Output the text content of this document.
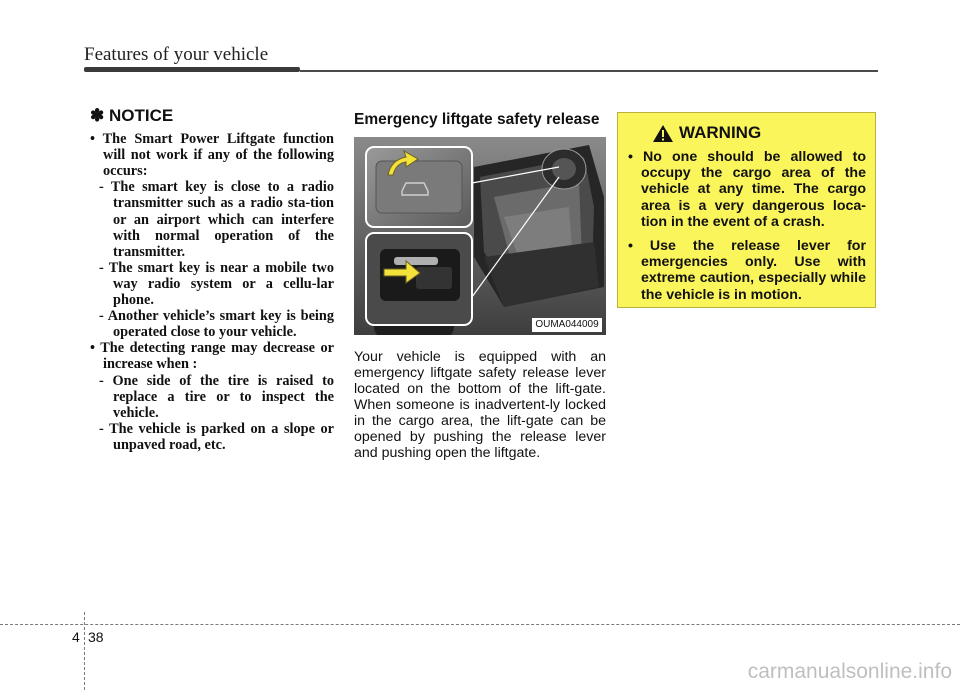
Features of your vehicle
✽ NOTICE

• The Smart Power Liftgate function will not work if any of the following occurs:

- The smart key is close to a radio transmitter such as a radio sta-tion or an airport which can interfere with normal operation of the transmitter.

- The smart key is near a mobile two way radio system or a cellu-lar phone.

- Another vehicle’s smart key is being operated close to your vehicle.

• The detecting range may decrease or increase when :

- One side of the tire is raised to replace a tire or to inspect the vehicle.

- The vehicle is parked on a slope or unpaved road, etc.

Emergency liftgate safety release
OUMA044009

Your vehicle is equipped with an emergency liftgate safety release lever located on the bottom of the lift-gate. When someone is inadvertent-ly locked in the cargo area, the lift-gate can be opened by pushing the release lever and pushing open the liftgate.

WARNING

• No one should be allowed to occupy the cargo area of the vehicle at any time. The cargo area is a very dangerous loca-tion in the event of a crash.

• Use the release lever for emergencies only. Use with extreme caution, especially while the vehicle is in motion.

4 38
carmanualsonline.info
